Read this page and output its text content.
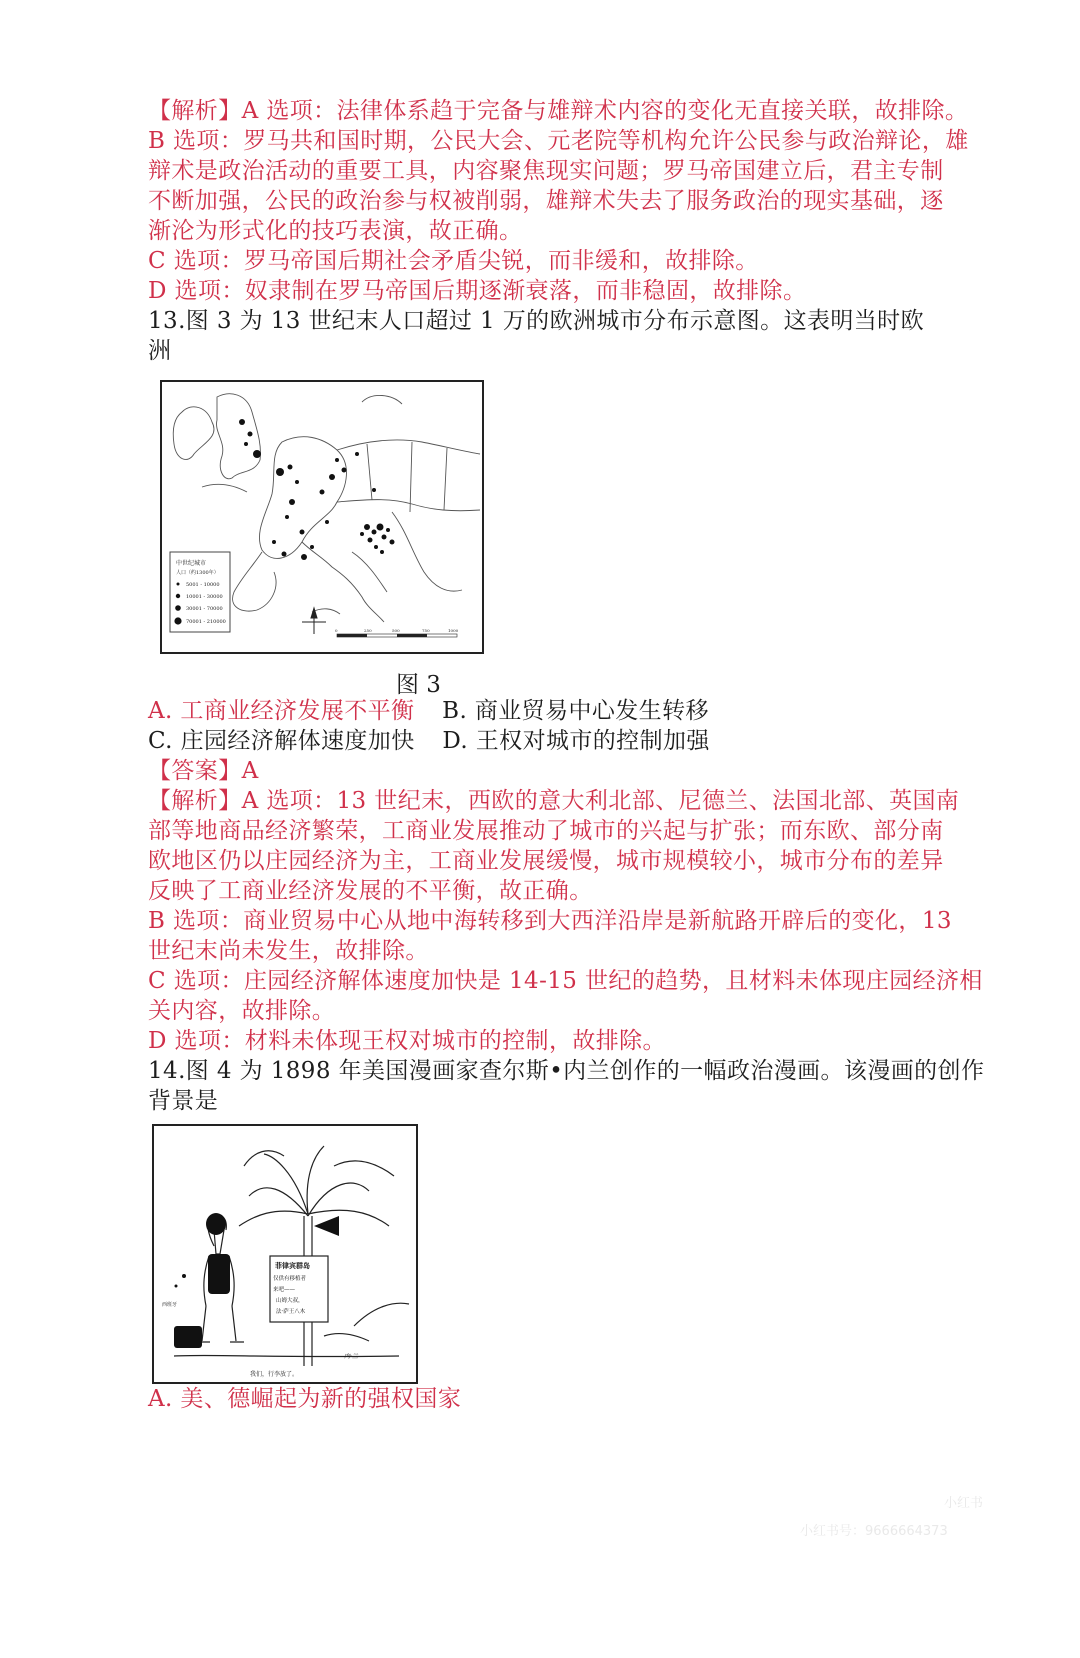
【解析】A 选项：法律体系趋于完备与雄辩术内容的变化无直接关联，故排除。
B 选项：罗马共和国时期，公民大会、元老院等机构允许公民参与政治辩论，雄
辩术是政治活动的重要工具，内容聚焦现实问题；罗马帝国建立后，君主专制
不断加强，公民的政治参与权被削弱，雄辩术失去了服务政治的现实基础，逐
渐沦为形式化的技巧表演，故正确。
C 选项：罗马帝国后期社会矛盾尖锐，而非缓和，故排除。
D 选项：奴隶制在罗马帝国后期逐渐衰落，而非稳固，故排除。
13.图 3 为 13 世纪末人口超过 1 万的欧洲城市分布示意图。这表明当时欧
洲
中世纪城市
人口（约1300年）
5001 - 10000
10001 - 30000
30001 - 70000
70001 - 210000
0	250	500	750	1000
图 3
A. 工商业经济发展不平衡 B. 商业贸易中心发生转移
C. 庄园经济解体速度加快 D. 王权对城市的控制加强
【答案】A
【解析】A 选项：13 世纪末，西欧的意大利北部、尼德兰、法国北部、英国南
部等地商品经济繁荣，工商业发展推动了城市的兴起与扩张；而东欧、部分南
欧地区仍以庄园经济为主，工商业发展缓慢，城市规模较小，城市分布的差异
反映了工商业经济发展的不平衡，故正确。
B 选项：商业贸易中心从地中海转移到大西洋沿岸是新航路开辟后的变化，13
世纪末尚未发生，故排除。
C 选项：庄园经济解体速度加快是 14-15 世纪的趋势，且材料未体现庄园经济相
关内容，故排除。
D 选项：材料未体现王权对城市的控制，故排除。
14.图 4 为 1898 年美国漫画家查尔斯•内兰创作的一幅政治漫画。该漫画的创作
背景是
菲律宾群岛
仅供有移植者
来吧——
山姆大叔，
法·萨王八木
西班牙
内·兰
我们，行李放了。
A. 美、德崛起为新的强权国家
小红书
小红书号：9666664373
